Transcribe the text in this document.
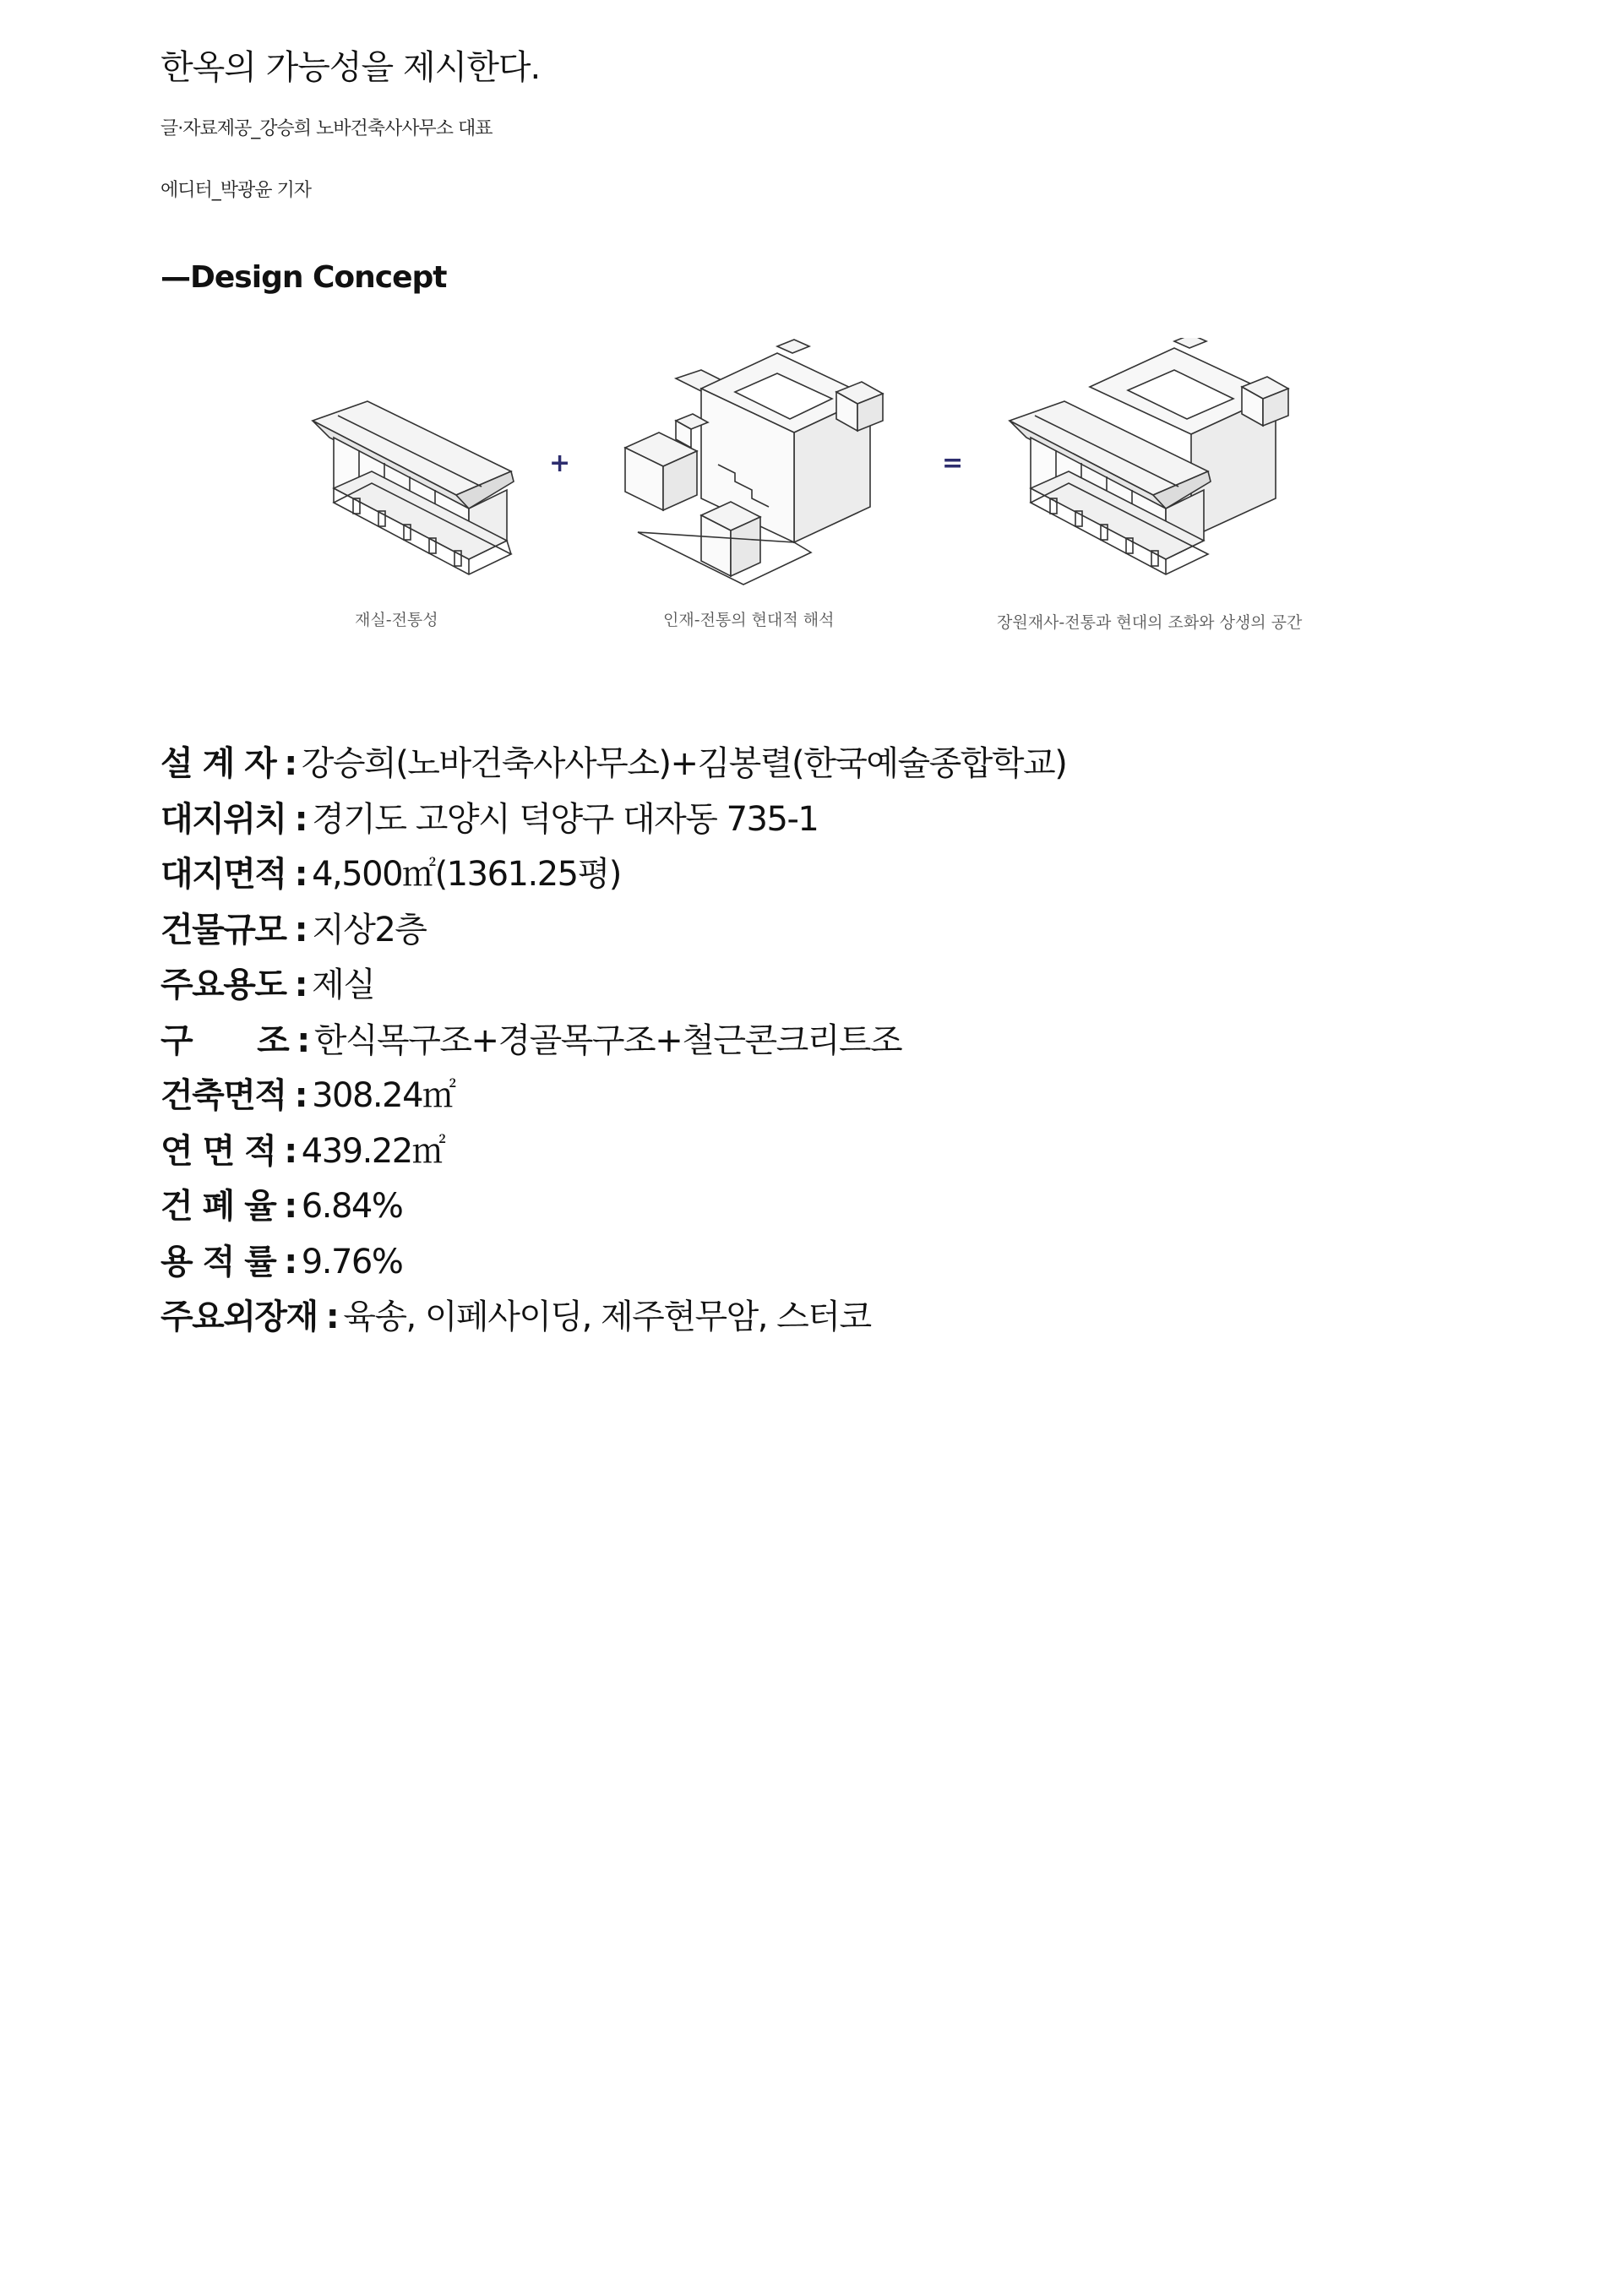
한옥의 가능성을 제시한다.
글·자료제공_강승희 노바건축사사무소 대표
에디터_박광윤 기자
—Design Concept
+	=
재실-전통성	인재-전통의 현대적 해석	장원재사-전통과 현대의 조화와 상생의 공간
설 계 자 : 강승희(노바건축사사무소)+김봉렬(한국예술종합학교)
대지위치 : 경기도 고양시 덕양구 대자동 735-1
대지면적 : 4,500㎡(1361.25평)
건물규모 : 지상2층
주요용도 : 제실
구　　조 : 한식목구조+경골목구조+철근콘크리트조
건축면적 : 308.24㎡
연 면 적 : 439.22㎡
건 폐 율 : 6.84%
용 적 률 : 9.76%
주요외장재 : 육송, 이페사이딩, 제주현무암, 스터코
